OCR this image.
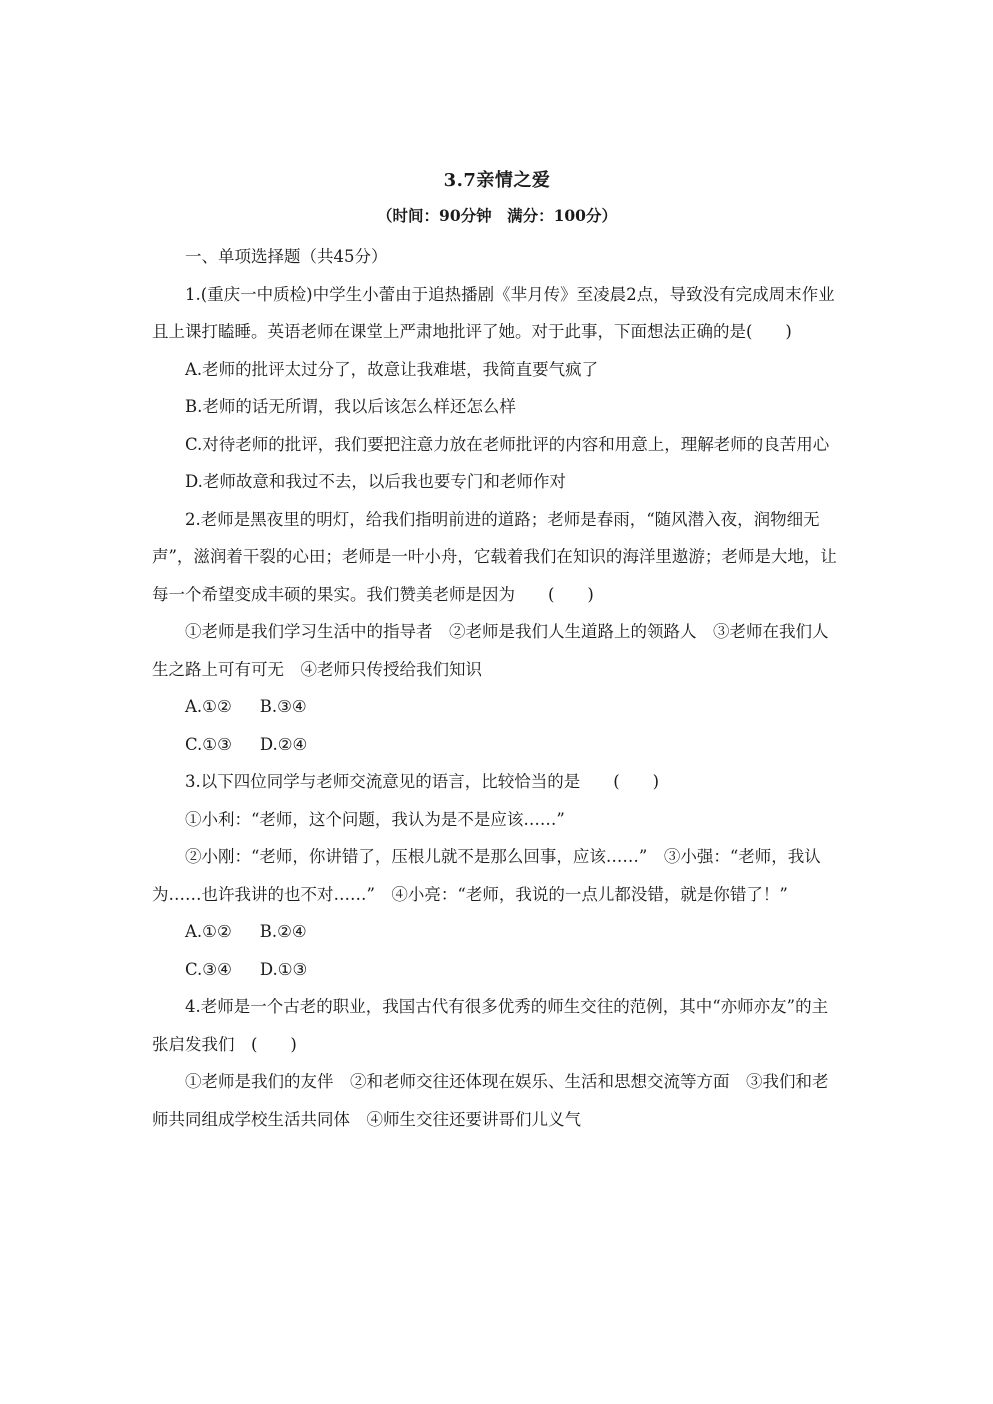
3.7亲情之爱
（时间：90分钟　满分：100分）

一、单项选择题（共45分）

1.(重庆一中质检)中学生小蕾由于追热播剧《芈月传》至凌晨2点，导致没有完成周末作业且上课打瞌睡。英语老师在课堂上严肃地批评了她。对于此事，下面想法正确的是(　　)

A.老师的批评太过分了，故意让我难堪，我简直要气疯了

B.老师的话无所谓，我以后该怎么样还怎么样

C.对待老师的批评，我们要把注意力放在老师批评的内容和用意上，理解老师的良苦用心

D.老师故意和我过不去，以后我也要专门和老师作对

2.老师是黑夜里的明灯，给我们指明前进的道路；老师是春雨，“随风潜入夜，润物细无声”，滋润着干裂的心田；老师是一叶小舟，它载着我们在知识的海洋里遨游；老师是大地，让每一个希望变成丰硕的果实。我们赞美老师是因为　　(　　)

①老师是我们学习生活中的指导者　②老师是我们人生道路上的领路人　③老师在我们人生之路上可有可无　④老师只传授给我们知识

A.①② B.③④

C.①③ D.②④

3.以下四位同学与老师交流意见的语言，比较恰当的是　　(　　)

①小利：“老师，这个问题，我认为是不是应该……”

②小刚：“老师，你讲错了，压根儿就不是那么回事，应该……”　③小强：“老师，我认为……也许我讲的也不对……”　④小亮：“老师，我说的一点儿都没错，就是你错了！”

A.①② B.②④

C.③④ D.①③

4.老师是一个古老的职业，我国古代有很多优秀的师生交往的范例，其中“亦师亦友”的主张启发我们　(　　)

①老师是我们的友伴　②和老师交往还体现在娱乐、生活和思想交流等方面　③我们和老师共同组成学校生活共同体　④师生交往还要讲哥们儿义气
